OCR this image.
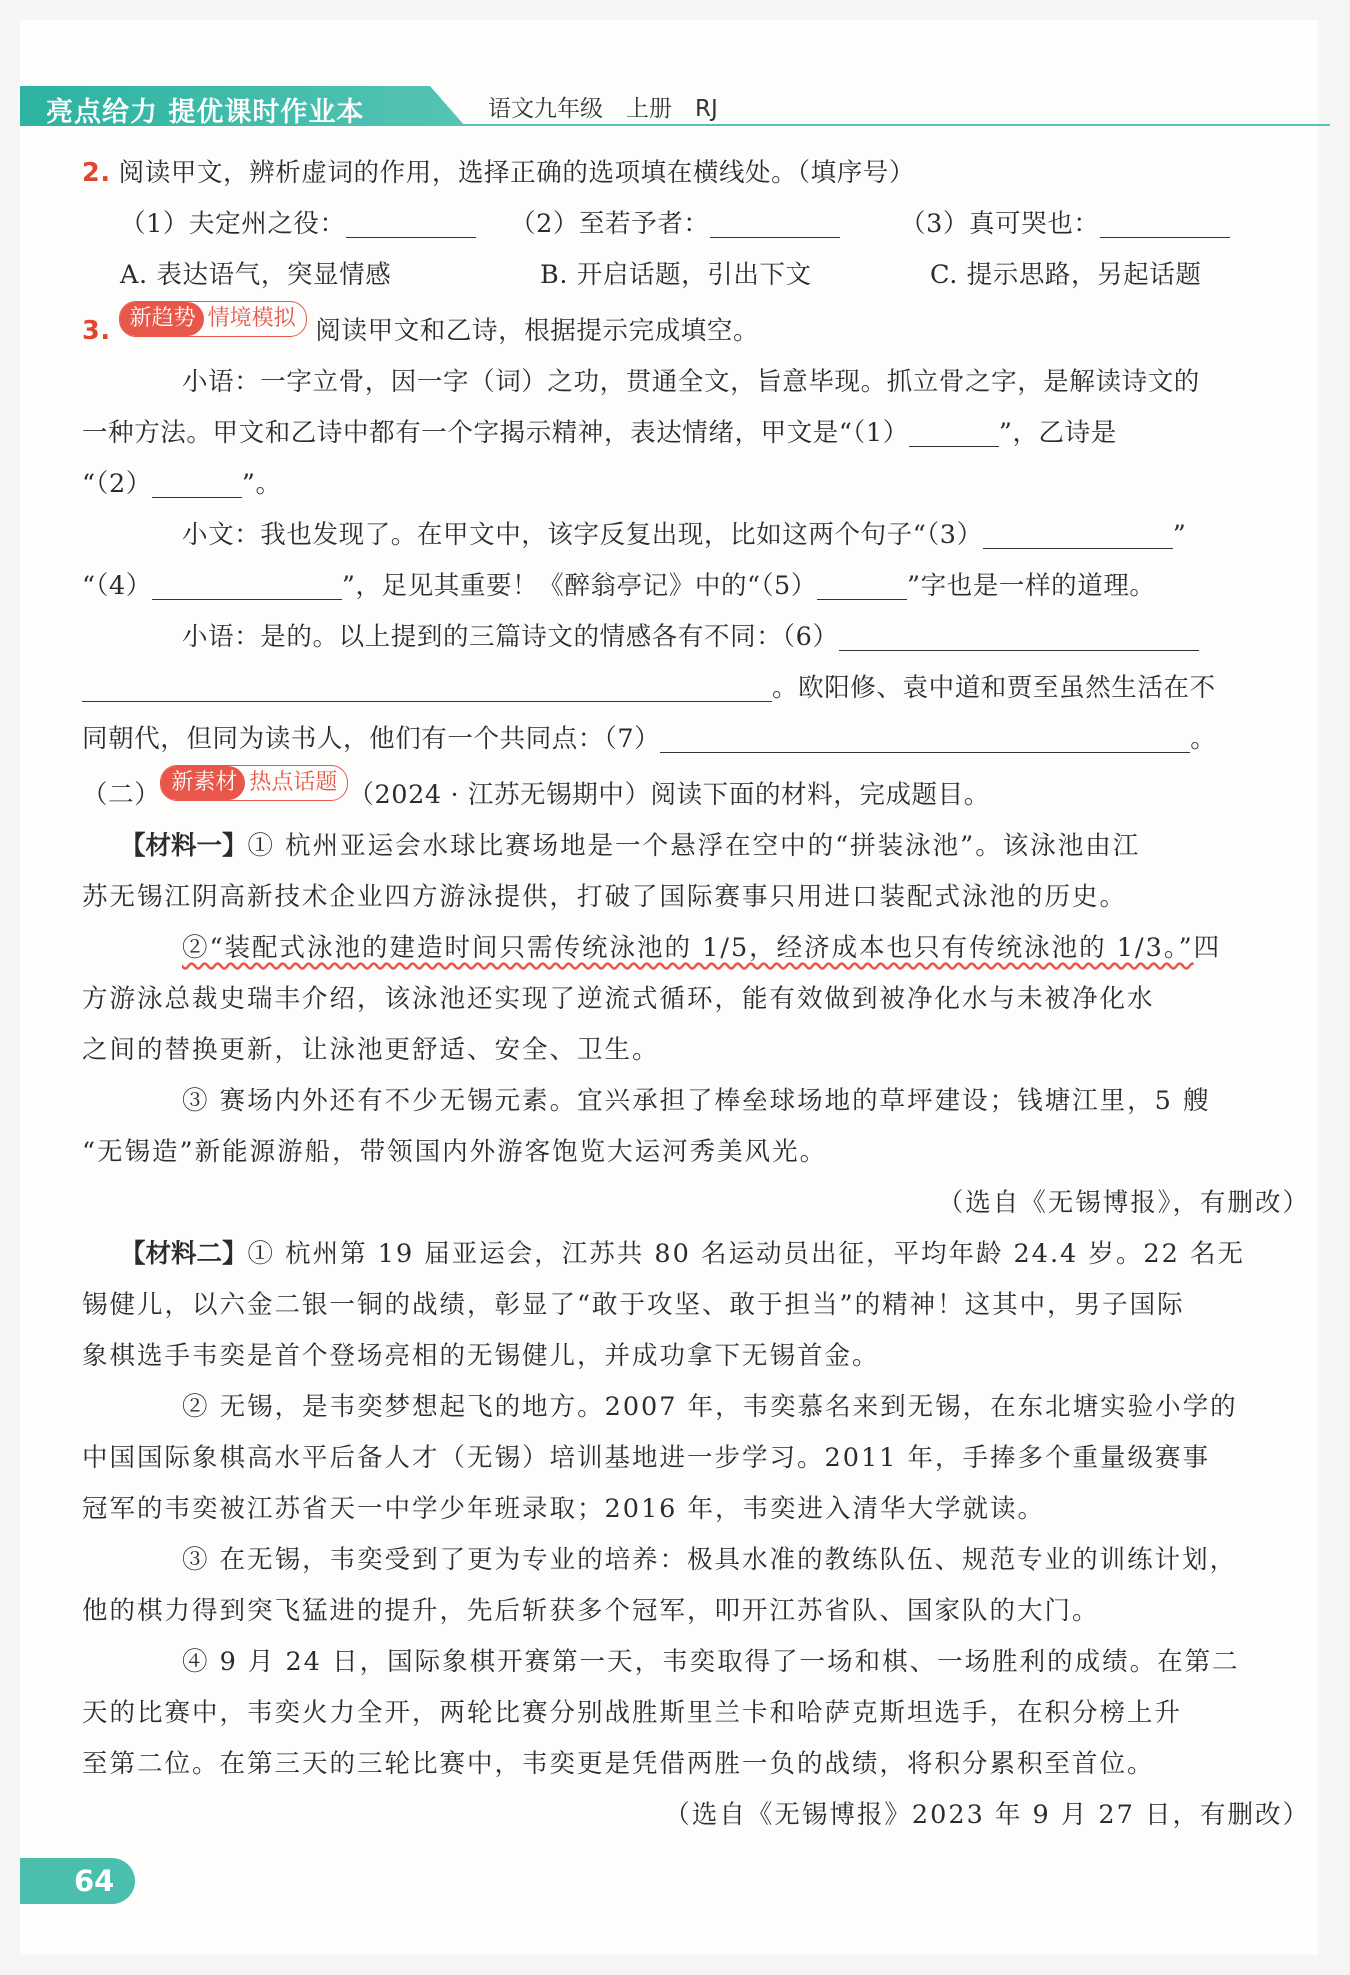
亮点给力 提优课时作业本	语文九年级　上册　RJ

2. 阅读甲文，辨析虚词的作用，选择正确的选项填在横线处。（填序号）

（1）夫定州之役：	（2）至若予者：	（3）真可哭也：

A. 表达语气，突显情感	B. 开启话题，引出下文	C. 提示思路，另起话题

3. 新趋势 情境模拟 阅读甲文和乙诗，根据提示完成填空。

小语：一字立骨，因一字（词）之功，贯通全文，旨意毕现。抓立骨之字，是解读诗文的

一种方法。甲文和乙诗中都有一个字揭示精神，表达情绪，甲文是“（1）	”，乙诗是

“（2）	”。

小文：我也发现了。在甲文中，该字反复出现，比如这两个句子“（3）	”

“（4）	”，足见其重要！《醉翁亭记》中的“（5）	”字也是一样的道理。

小语：是的。以上提到的三篇诗文的情感各有不同：（6）

。欧阳修、袁中道和贾至虽然生活在不

同朝代，但同为读书人，他们有一个共同点：（7）	。

（二） 新素材 热点话题 （2024 · 江苏无锡期中）阅读下面的材料，完成题目。

【材料一】① 杭州亚运会水球比赛场地是一个悬浮在空中的“拼装泳池”。该泳池由江

苏无锡江阴高新技术企业四方游泳提供，打破了国际赛事只用进口装配式泳池的历史。

②“装配式泳池的建造时间只需传统泳池的 1/5，经济成本也只有传统泳池的 1/3。”四

方游泳总裁史瑞丰介绍，该泳池还实现了逆流式循环，能有效做到被净化水与未被净化水

之间的替换更新，让泳池更舒适、安全、卫生。

③ 赛场内外还有不少无锡元素。宜兴承担了棒垒球场地的草坪建设；钱塘江里，5 艘

“无锡造”新能源游船，带领国内外游客饱览大运河秀美风光。

（选自《无锡博报》，有删改）

【材料二】① 杭州第 19 届亚运会，江苏共 80 名运动员出征，平均年龄 24.4 岁。22 名无

锡健儿，以六金二银一铜的战绩，彰显了“敢于攻坚、敢于担当”的精神！这其中，男子国际

象棋选手韦奕是首个登场亮相的无锡健儿，并成功拿下无锡首金。

② 无锡，是韦奕梦想起飞的地方。2007 年，韦奕慕名来到无锡，在东北塘实验小学的

中国国际象棋高水平后备人才（无锡）培训基地进一步学习。2011 年，手捧多个重量级赛事

冠军的韦奕被江苏省天一中学少年班录取；2016 年，韦奕进入清华大学就读。

③ 在无锡，韦奕受到了更为专业的培养：极具水准的教练队伍、规范专业的训练计划，

他的棋力得到突飞猛进的提升，先后斩获多个冠军，叩开江苏省队、国家队的大门。

④ 9 月 24 日，国际象棋开赛第一天，韦奕取得了一场和棋、一场胜利的成绩。在第二

天的比赛中，韦奕火力全开，两轮比赛分别战胜斯里兰卡和哈萨克斯坦选手，在积分榜上升

至第二位。在第三天的三轮比赛中，韦奕更是凭借两胜一负的战绩，将积分累积至首位。

（选自《无锡博报》2023 年 9 月 27 日，有删改）

64
